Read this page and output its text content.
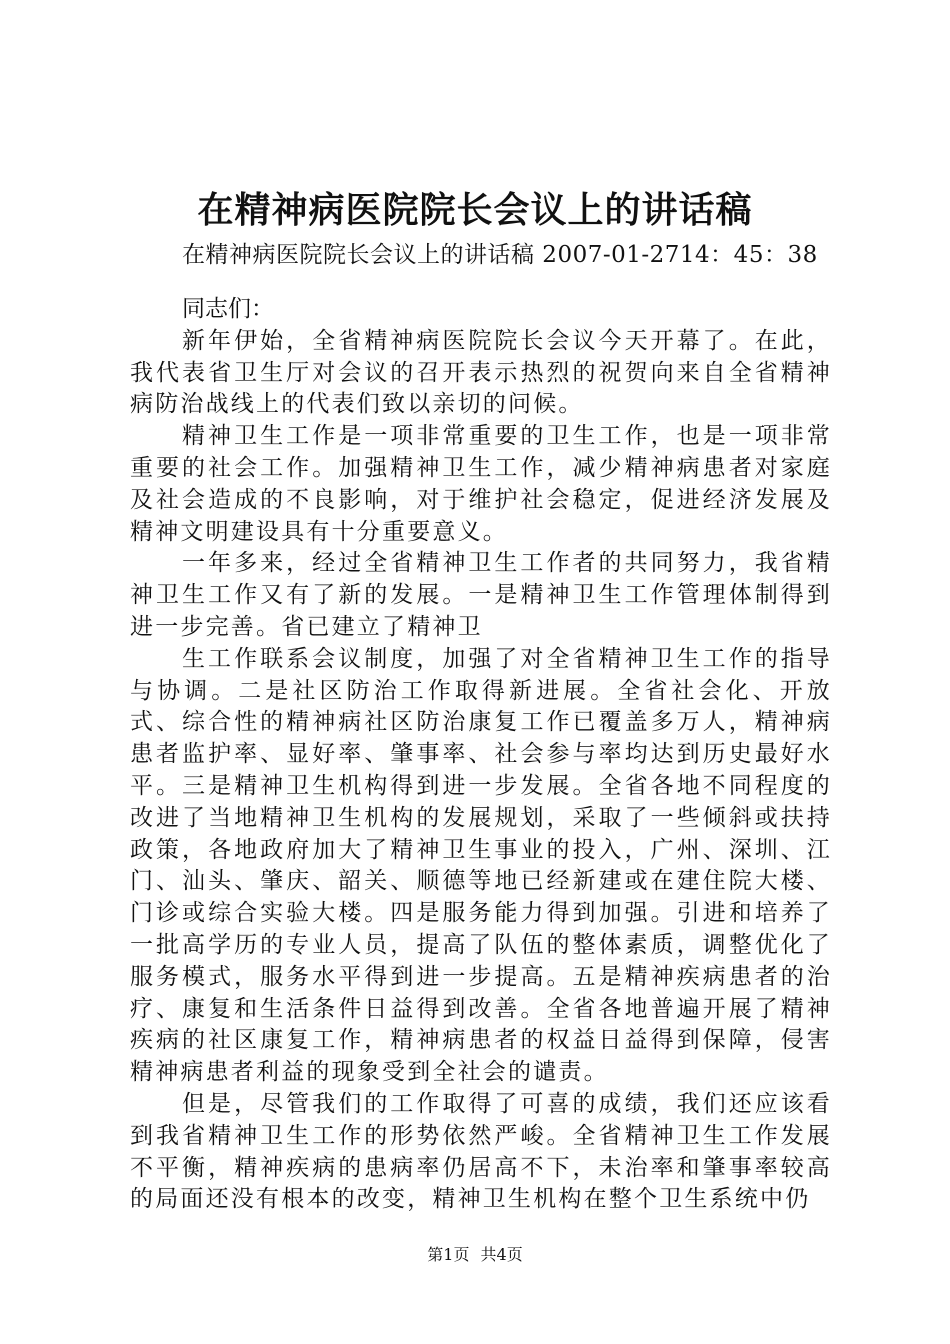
在精神病医院院长会议上的讲话稿
在精神病医院院长会议上的讲话稿 2007-01-2714：45：38

同志们：

新年伊始，全省精神病医院院长会议今天开幕了。在此，我代表省卫生厅对会议的召开表示热烈的祝贺向来自全省精神病防治战线上的代表们致以亲切的问候。

精神卫生工作是一项非常重要的卫生工作，也是一项非常重要的社会工作。加强精神卫生工作，减少精神病患者对家庭及社会造成的不良影响，对于维护社会稳定，促进经济发展及精神文明建设具有十分重要意义。

一年多来，经过全省精神卫生工作者的共同努力，我省精神卫生工作又有了新的发展。一是精神卫生工作管理体制得到进一步完善。省已建立了精神卫

生工作联系会议制度，加强了对全省精神卫生工作的指导与协调。二是社区防治工作取得新进展。全省社会化、开放式、综合性的精神病社区防治康复工作已覆盖多万人，精神病患者监护率、显好率、肇事率、社会参与率均达到历史最好水平。三是精神卫生机构得到进一步发展。全省各地不同程度的改进了当地精神卫生机构的发展规划，采取了一些倾斜或扶持政策，各地政府加大了精神卫生事业的投入，广州、深圳、江门、汕头、肇庆、韶关、顺德等地已经新建或在建住院大楼、门诊或综合实验大楼。四是服务能力得到加强。引进和培养了一批高学历的专业人员，提高了队伍的整体素质，调整优化了服务模式，服务水平得到进一步提高。五是精神疾病患者的治疗、康复和生活条件日益得到改善。全省各地普遍开展了精神疾病的社区康复工作，精神病患者的权益日益得到保障，侵害精神病患者利益的现象受到全社会的谴责。

但是，尽管我们的工作取得了可喜的成绩，我们还应该看到我省精神卫生工作的形势依然严峻。全省精神卫生工作发展不平衡，精神疾病的患病率仍居高不下，未治率和肇事率较高的局面还没有根本的改变，精神卫生机构在整个卫生系统中仍

第1页 共4页
